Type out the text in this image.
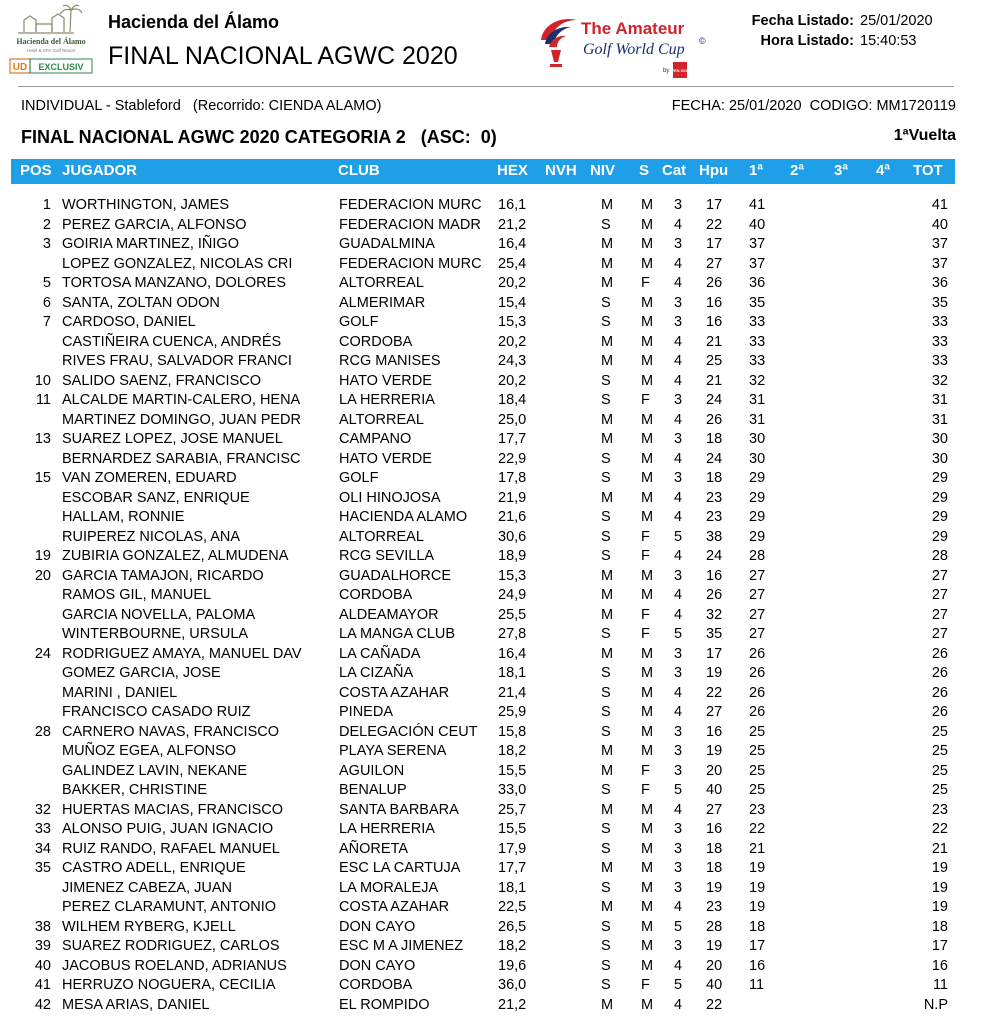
Hacienda del Álamo
Hotel & SPA Golf Resort
UD EXCLUSIV
Hacienda del Álamo
FINAL NACIONAL AGWC 2020
The Amateur
Golf World Cup ©
by
OPEN GOLF
Fecha Listado: 25/01/2020
Hora Listado: 15:40:53
INDIVIDUAL - Stableford   (Recorrido: CIENDA ALAMO)	FECHA: 25/01/2020  CODIGO: MM1720119
FINAL NACIONAL AGWC 2020 CATEGORIA 2   (ASC:  0)	1ªVuelta
POS JUGADOR	CLUB	HEX NVH NIV S Cat Hpu 1ª 2ª 3ª 4ª TOT
1 WORTHINGTON, JAMES	FEDERACION MURC 16,1	M M 3 17 41	41
2 PEREZ GARCIA, ALFONSO	FEDERACION MADR 21,2	S M 4 22 40	40
3 GOIRIA MARTINEZ, IÑIGO	GUADALMINA	16,4	M M 3 17 37	37
LOPEZ GONZALEZ, NICOLAS CRI	FEDERACION MURC 25,4	M M 4 27 37	37
5 TORTOSA MANZANO, DOLORES	ALTORREAL	20,2	M F 4 26 36	36
6 SANTA, ZOLTAN ODON	ALMERIMAR	15,4	S M 3 16 35	35
7 CARDOSO, DANIEL	GOLF	15,3	S M 3 16 33	33
CASTIÑEIRA CUENCA, ANDRÉS	CORDOBA	20,2	M M 4 21 33	33
RIVES FRAU, SALVADOR FRANCI	RCG MANISES	24,3	M M 4 25 33	33
10 SALIDO SAENZ, FRANCISCO	HATO VERDE	20,2	S M 4 21 32	32
11 ALCALDE MARTIN-CALERO, HENA	LA HERRERIA	18,4	S F 3 24 31	31
MARTINEZ DOMINGO, JUAN PEDR	ALTORREAL	25,0	M M 4 26 31	31
13 SUAREZ LOPEZ, JOSE MANUEL	CAMPANO	17,7	M M 3 18 30	30
BERNARDEZ SARABIA, FRANCISC	HATO VERDE	22,9	S M 4 24 30	30
15 VAN ZOMEREN, EDUARD	GOLF	17,8	S M 3 18 29	29
ESCOBAR SANZ, ENRIQUE	OLI HINOJOSA	21,9	M M 4 23 29	29
HALLAM, RONNIE	HACIENDA ALAMO 21,6	S M 4 23 29	29
RUIPEREZ NICOLAS, ANA	ALTORREAL	30,6	S F 5 38 29	29
19 ZUBIRIA GONZALEZ, ALMUDENA	RCG SEVILLA	18,9	S F 4 24 28	28
20 GARCIA TAMAJON, RICARDO	GUADALHORCE	15,3	M M 3 16 27	27
RAMOS GIL, MANUEL	CORDOBA	24,9	M M 4 26 27	27
GARCIA NOVELLA, PALOMA	ALDEAMAYOR	25,5	M F 4 32 27	27
WINTERBOURNE, URSULA	LA MANGA CLUB	27,8	S F 5 35 27	27
24 RODRIGUEZ AMAYA, MANUEL DAV	LA CAÑADA	16,4	M M 3 17 26	26
GOMEZ GARCIA, JOSE	LA CIZAÑA	18,1	S M 3 19 26	26
MARINI , DANIEL	COSTA AZAHAR	21,4	S M 4 22 26	26
FRANCISCO CASADO RUIZ	PINEDA	25,9	S M 4 27 26	26
28 CARNERO NAVAS, FRANCISCO	DELEGACIÓN CEUT 15,8	S M 3 16 25	25
MUÑOZ EGEA, ALFONSO	PLAYA SERENA	18,2	M M 3 19 25	25
GALINDEZ LAVIN, NEKANE	AGUILON	15,5	M F 3 20 25	25
BAKKER, CHRISTINE	BENALUP	33,0	S F 5 40 25	25
32 HUERTAS MACIAS, FRANCISCO	SANTA BARBARA	25,7	M M 4 27 23	23
33 ALONSO PUIG, JUAN IGNACIO	LA HERRERIA	15,5	S M 3 16 22	22
34 RUIZ RANDO, RAFAEL MANUEL	AÑORETA	17,9	S M 3 18 21	21
35 CASTRO ADELL, ENRIQUE	ESC LA CARTUJA	17,7	M M 3 18 19	19
JIMENEZ CABEZA, JUAN	LA MORALEJA	18,1	S M 3 19 19	19
PEREZ CLARAMUNT, ANTONIO	COSTA AZAHAR	22,5	M M 4 23 19	19
38 WILHEM RYBERG, KJELL	DON CAYO	26,5	S M 5 28 18	18
39 SUAREZ RODRIGUEZ, CARLOS	ESC M A JIMENEZ 18,2	S M 3 19 17	17
40 JACOBUS ROELAND, ADRIANUS	DON CAYO	19,6	S M 4 20 16	16
41 HERRUZO NOGUERA, CECILIA	CORDOBA	36,0	S F 5 40 11	11
42 MESA ARIAS, DANIEL	EL ROMPIDO	21,2	M M 4 22	N.P
